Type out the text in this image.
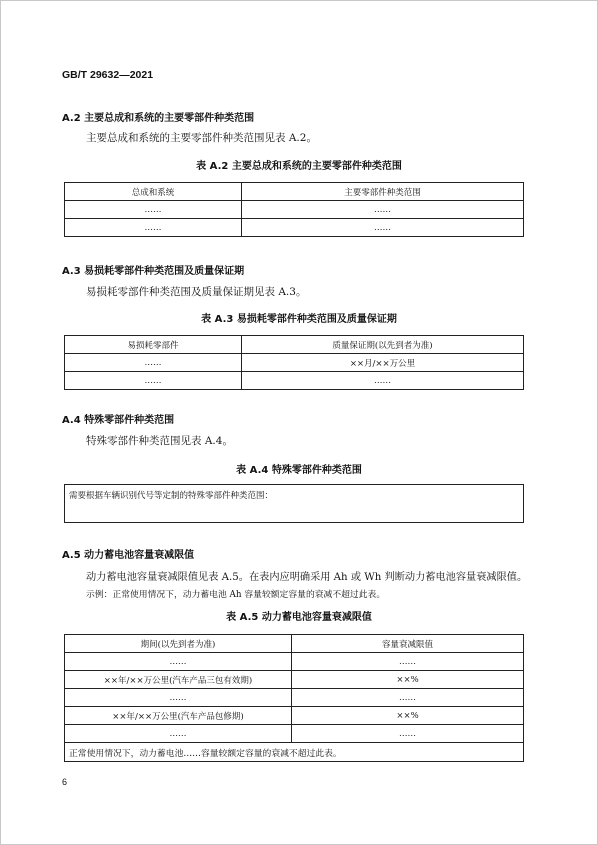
GB/T 29632—2021
A.2 主要总成和系统的主要零部件种类范围
主要总成和系统的主要零部件种类范围见表 A.2。
表 A.2 主要总成和系统的主要零部件种类范围
总成和系统	主要零部件种类范围
……	……
……	……
A.3 易损耗零部件种类范围及质量保证期
易损耗零部件种类范围及质量保证期见表 A.3。
表 A.3 易损耗零部件种类范围及质量保证期
易损耗零部件	质量保证期(以先到者为准)
……	××月/××万公里
……	……
A.4 特殊零部件种类范围
特殊零部件种类范围见表 A.4。
表 A.4 特殊零部件种类范围
需要根据车辆识别代号等定制的特殊零部件种类范围：
A.5 动力蓄电池容量衰减限值
动力蓄电池容量衰减限值见表 A.5。在表内应明确采用 Ah 或 Wh 判断动力蓄电池容量衰减限值。
示例：正常使用情况下，动力蓄电池 Ah 容量较额定容量的衰减不超过此表。
表 A.5 动力蓄电池容量衰减限值
期间(以先到者为准)	容量衰减限值
……	……
××年/××万公里(汽车产品三包有效期)	××%
……	……
××年/××万公里(汽车产品包修期)	××%
……	……
正常使用情况下，动力蓄电池……容量较额定容量的衰减不超过此表。	
6
